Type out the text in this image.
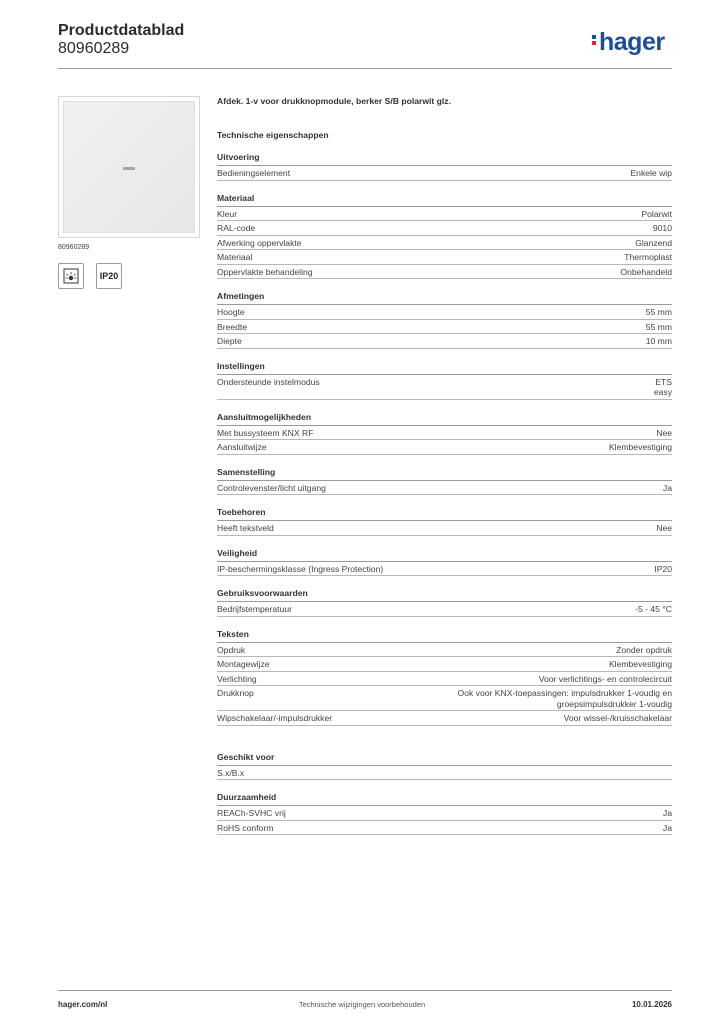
Productdatablad
80960289	hager
80960289
IP20
Afdek. 1-v voor drukknopmodule, berker S/B polarwit glz.
Technische eigenschappen
Uitvoering
Bedieningselement	Enkele wip
Materiaal
Kleur	Polarwit
RAL-code	9010
Afwerking oppervlakte	Glanzend
Materiaal	Thermoplast
Oppervlakte behandeling	Onbehandeld
Afmetingen
Hoogte	55 mm
Breedte	55 mm
Diepte	10 mm
Instellingen
Ondersteunde instelmodus	ETS
easy
Aansluitmogelijkheden
Met bussysteem KNX RF	Nee
Aansluitwijze	Klembevestiging
Samenstelling
Controlevenster/licht uitgang	Ja
Toebehoren
Heeft tekstveld	Nee
Veiligheid
IP-beschermingsklasse (Ingress Protection)	IP20
Gebruiksvoorwaarden
Bedrijfstemperatuur	-5 - 45 °C
Teksten
Opdruk	Zonder opdruk
Montagewijze	Klembevestiging
Verlichting	Voor verlichtings- en controlecircuit
Drukknop	Ook voor KNX-toepassingen: impulsdrukker 1-voudig en
groepsimpulsdrukker 1-voudig
Wipschakelaar/-impulsdrukker	Voor wissel-/kruisschakelaar
Geschikt voor
S.x/B.x
Duurzaamheid
REACh-SVHC vrij	Ja
RoHS conform	Ja
hager.com/nl	Technische wijzigingen voorbehouden	10.01.2026
